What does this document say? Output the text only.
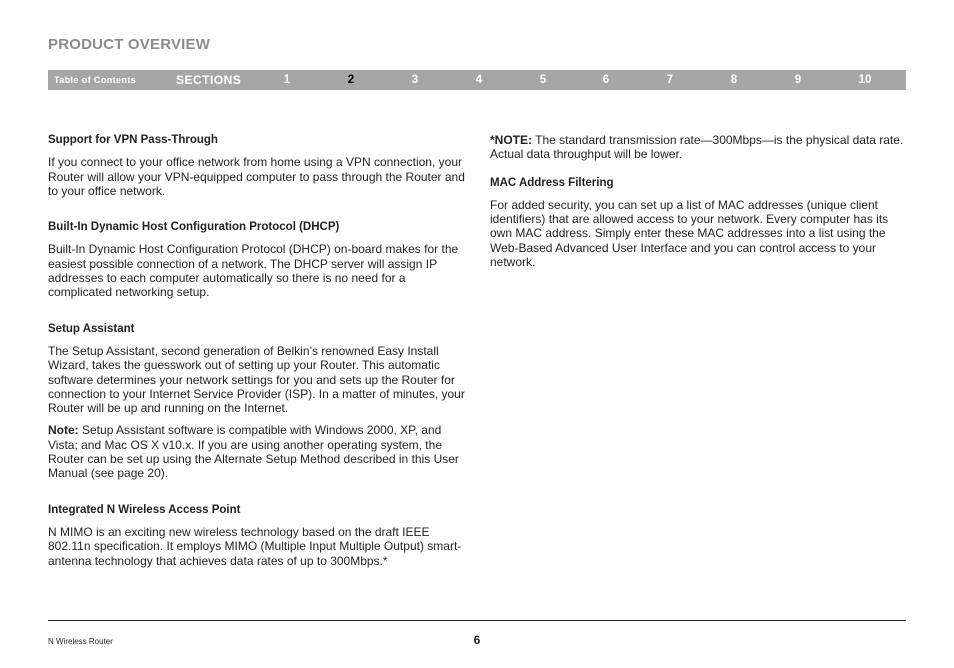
PRODUCT OVERVIEW
Table of Contents	SECTIONS	1	2	3	4	5	6	7	8	9	10

Support for VPN Pass-Through

If you connect to your office network from home using a VPN connection, your Router will allow your VPN-equipped computer to pass through the Router and to your office network.

Built-In Dynamic Host Configuration Protocol (DHCP)

Built-In Dynamic Host Configuration Protocol (DHCP) on-board makes for the easiest possible connection of a network. The DHCP server will assign IP addresses to each computer automatically so there is no need for a complicated networking setup.

Setup Assistant

The Setup Assistant, second generation of Belkin’s renowned Easy Install Wizard, takes the guesswork out of setting up your Router. This automatic software determines your network settings for you and sets up the Router for connection to your Internet Service Provider (ISP). In a matter of minutes, your Router will be up and running on the Internet.

Note: Setup Assistant software is compatible with Windows 2000, XP, and Vista; and Mac OS X v10.x. If you are using another operating system, the Router can be set up using the Alternate Setup Method described in this User Manual (see page 20).

Integrated N Wireless Access Point

N MIMO is an exciting new wireless technology based on the draft IEEE 802.11n specification. It employs MIMO (Multiple Input Multiple Output) smart-antenna technology that achieves data rates of up to 300Mbps.*

*NOTE: The standard transmission rate—300Mbps—is the physical data rate. Actual data throughput will be lower.

MAC Address Filtering

For added security, you can set up a list of MAC addresses (unique client identifiers) that are allowed access to your network. Every computer has its own MAC address. Simply enter these MAC addresses into a list using the Web-Based Advanced User Interface and you can control access to your network.

N Wireless Router	6
